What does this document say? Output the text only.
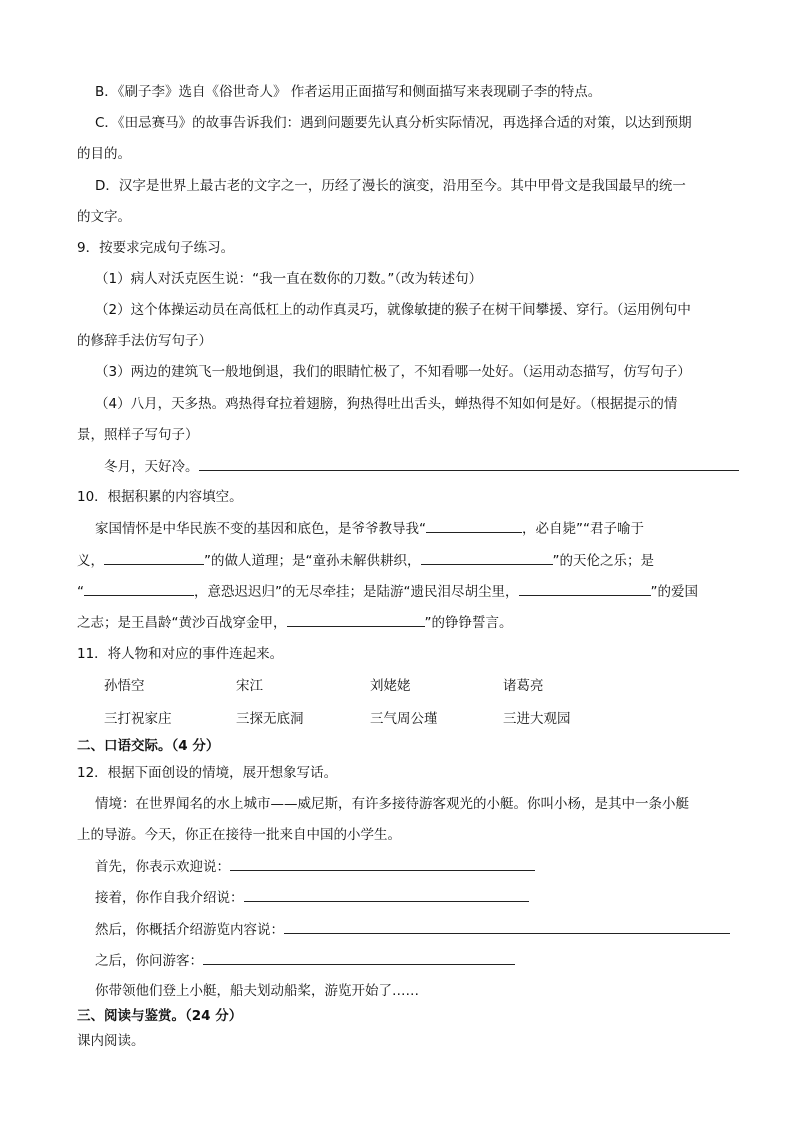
B．《刷子李》选自《俗世奇人》 作者运用正面描写和侧面描写来表现刷子李的特点。
C．《田忌赛马》的故事告诉我们：遇到问题要先认真分析实际情况，再选择合适的对策，以达到预期
的目的。
D．汉字是世界上最古老的文字之一，历经了漫长的演变，沿用至今。其中甲骨文是我国最早的统一
的文字。
9．按要求完成句子练习。
（1）病人对沃克医生说：“我一直在数你的刀数。”（改为转述句）
（2）这个体操运动员在高低杠上的动作真灵巧，就像敏捷的猴子在树干间攀援、穿行。（运用例句中
的修辞手法仿写句子）
（3）两边的建筑飞一般地倒退，我们的眼睛忙极了，不知看哪一处好。（运用动态描写，仿写句子）
（4）八月，天多热。鸡热得耷拉着翅膀，狗热得吐出舌头，蝉热得不知如何是好。（根据提示的情
景，照样子写句子）
冬月，天好冷。
10．根据积累的内容填空。
家国情怀是中华民族不变的基因和底色，是爷爷教导我“	，必自毙”“君子喻于
义，	”的做人道理；是“童孙未解供耕织，	”的天伦之乐；是
“	，意恐迟迟归”的无尽牵挂；是陆游“遗民泪尽胡尘里，	”的爱国
之志；是王昌龄“黄沙百战穿金甲，	”的铮铮誓言。
11．将人物和对应的事件连起来。
孙悟空	宋江	刘姥姥	诸葛亮
三打祝家庄	三探无底洞	三气周公瑾	三进大观园
二、口语交际。（4 分）
12．根据下面创设的情境，展开想象写话。
情境：在世界闻名的水上城市——威尼斯，有许多接待游客观光的小艇。你叫小杨，是其中一条小艇
上的导游。今天，你正在接待一批来自中国的小学生。
首先，你表示欢迎说：
接着，你作自我介绍说：
然后，你概括介绍游览内容说：
之后，你问游客：
你带领他们登上小艇，船夫划动船桨，游览开始了……
三、阅读与鉴赏。（24 分）
课内阅读。
